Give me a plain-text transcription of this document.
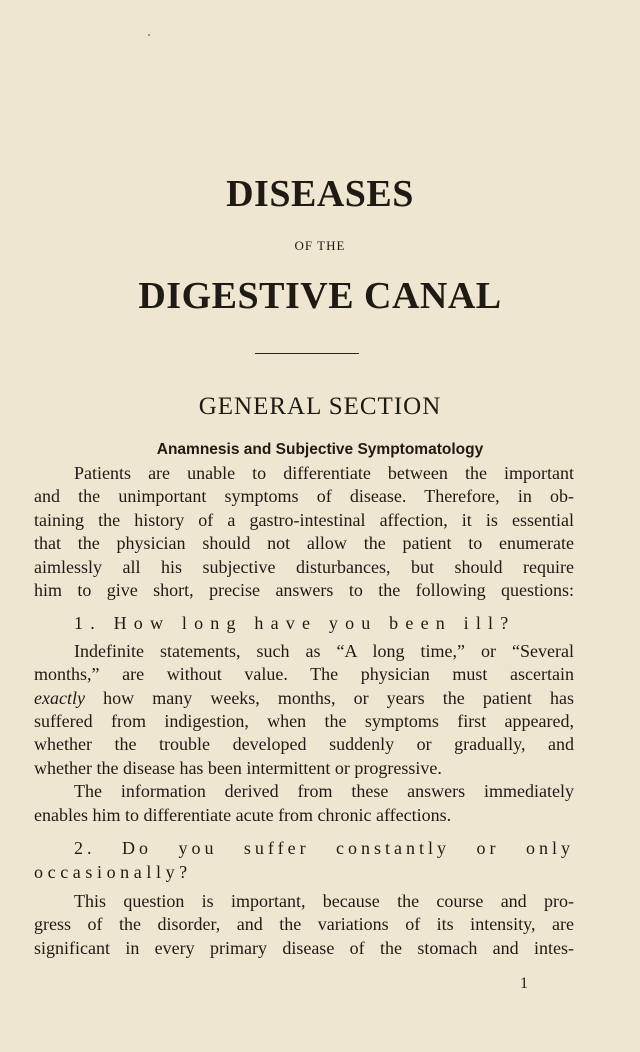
DISEASES
OF THE
DIGESTIVE CANAL
GENERAL SECTION
Anamnesis and Subjective Symptomatology

Patients are unable to differentiate between the important
and the unimportant symptoms of disease. Therefore, in ob-
taining the history of a gastro-intestinal affection, it is essential
that the physician should not allow the patient to enumerate
aimlessly all his subjective disturbances, but should require
him to give short, precise answers to the following questions:

1. How long have you been ill?

Indefinite statements, such as “A long time,” or “Several
months,” are without value. The physician must ascertain
exactly how many weeks, months, or years the patient has
suffered from indigestion, when the symptoms first appeared,
whether the trouble developed suddenly or gradually, and
whether the disease has been intermittent or progressive.

The information derived from these answers immediately
enables him to differentiate acute from chronic affections.

2. Do you suffer constantly or only
occasionally?

This question is important, because the course and pro-
gress of the disorder, and the variations of its intensity, are
significant in every primary disease of the stomach and intes-

1
